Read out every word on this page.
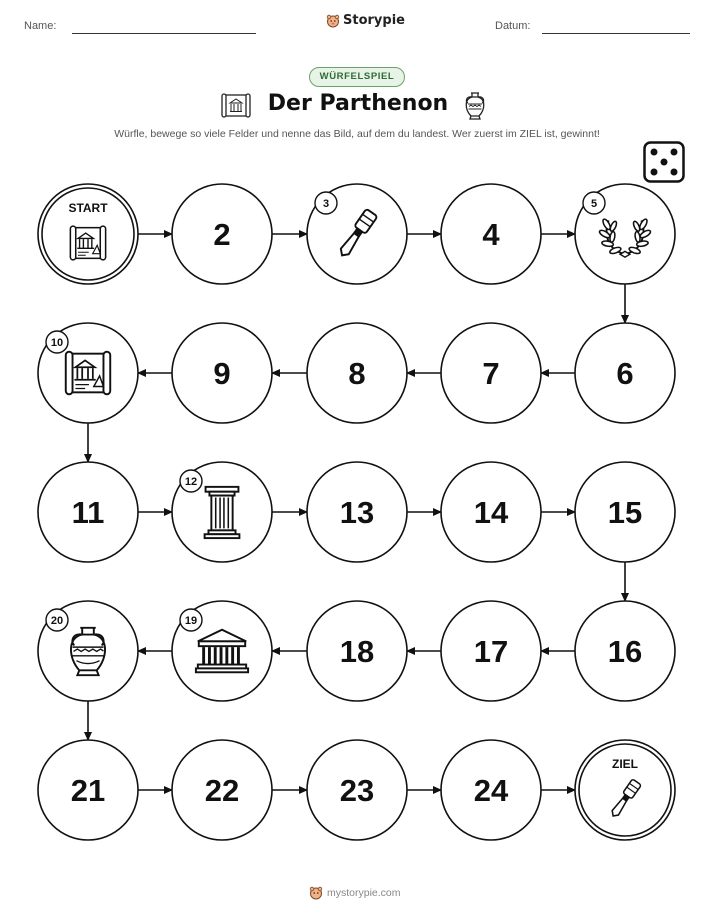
Name:	Storypie	Datum:
WÜRFELSPIEL
Der Parthenon
Würfle, bewege so viele Felder und nenne das Bild, auf dem du landest. Wer zuerst im ZIEL ist, gewinnt!
START
2
3
4
5
6
7
8
9
10
11
12
13	14	15
16
17
18
19
20
21	22	23	24
ZIEL
mystorypie.com
